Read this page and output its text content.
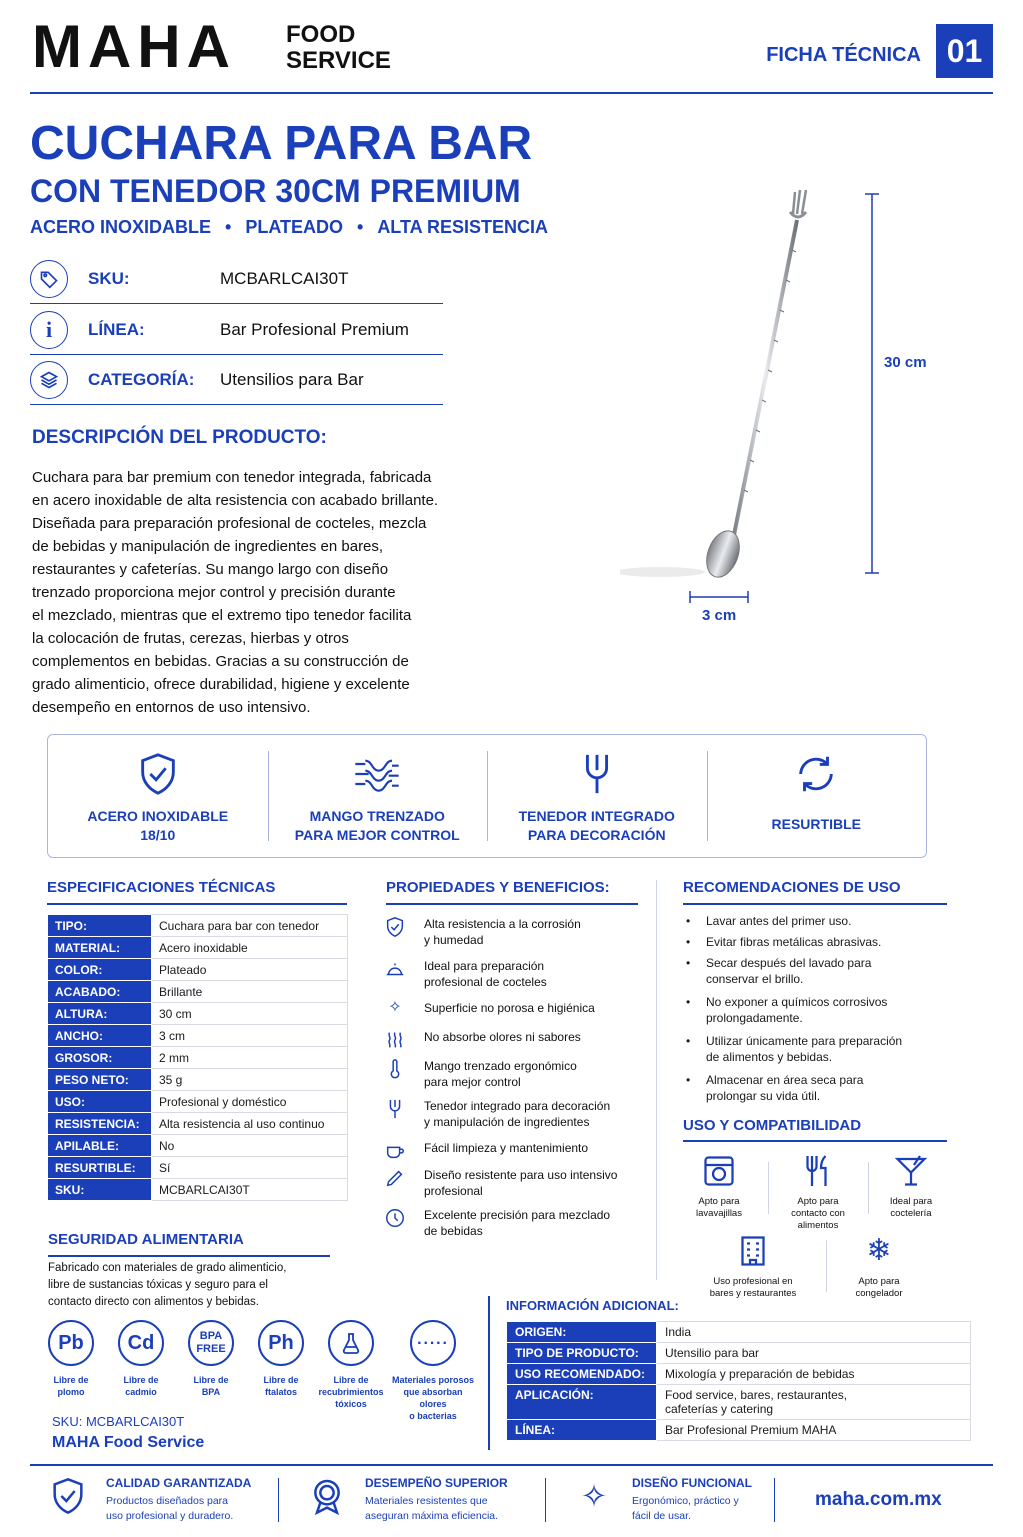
MAHA FOOD
SERVICE	FICHA TÉCNICA 01
CUCHARA PARA BAR
CON TENEDOR 30CM PREMIUM
ACERO INOXIDABLE • PLATEADO • ALTA RESISTENCIA
SKU:	MCBARLCAI30T
i	LÍNEA:	Bar Profesional Premium
CATEGORÍA:	Utensilios para Bar
30 cm
3 cm
DESCRIPCIÓN DEL PRODUCTO:
Cuchara para bar premium con tenedor integrada, fabricada
en acero inoxidable de alta resistencia con acabado brillante.
Diseñada para preparación profesional de cocteles, mezcla
de bebidas y manipulación de ingredientes en bares,
restaurantes y cafeterías. Su mango largo con diseño
trenzado proporciona mejor control y precisión durante
el mezclado, mientras que el extremo tipo tenedor facilita
la colocación de frutas, cerezas, hierbas y otros
complementos en bebidas. Gracias a su construcción de
grado alimenticio, ofrece durabilidad, higiene y excelente
desempeño en entornos de uso intensivo.
ACERO INOXIDABLE
18/10
MANGO TRENZADO
PARA MEJOR CONTROL
TENEDOR INTEGRADO
PARA DECORACIÓN
RESURTIBLE
ESPECIFICACIONES TÉCNICAS
TIPO:	Cuchara para bar con tenedor
MATERIAL:	Acero inoxidable
COLOR:	Plateado
ACABADO:	Brillante
ALTURA:	30 cm
ANCHO:	3 cm
GROSOR:	2 mm
PESO NETO:	35 g
USO:	Profesional y doméstico
RESISTENCIA:	Alta resistencia al uso continuo
APILABLE:	No
RESURTIBLE:	Sí
SKU:	MCBARLCAI30T
PROPIEDADES Y BENEFICIOS:
Alta resistencia a la corrosión
y humedad
Ideal para preparación
profesional de cocteles
✧	Superficie no porosa e higiénica
No absorbe olores ni sabores
Mango trenzado ergonómico
para mejor control
Tenedor integrado para decoración
y manipulación de ingredientes
Fácil limpieza y mantenimiento
Diseño resistente para uso intensivo
profesional
Excelente precisión para mezclado
de bebidas
RECOMENDACIONES DE USO
• Lavar antes del primer uso.
• Evitar fibras metálicas abrasivas.
• Secar después del lavado para
conservar el brillo.
• No exponer a químicos corrosivos
prolongadamente.
• Utilizar únicamente para preparación
de alimentos y bebidas.
• Almacenar en área seca para
prolongar su vida útil.
USO Y COMPATIBILIDAD
Apto para
lavavajillas
Apto para
contacto con
alimentos
Ideal para
coctelería
Uso profesional en
bares y restaurantes
❄
Apto para
congelador
SEGURIDAD ALIMENTARIA
Fabricado con materiales de grado alimenticio,
libre de sustancias tóxicas y seguro para el
contacto directo con alimentos y bebidas.
Pb
Libre de
plomo
Cd
Libre de
cadmio
BPA
FREE
Libre de
BPA
Ph
Libre de
ftalatos
Libre de
recubrimientos
tóxicos
·····
Materiales porosos
que absorban olores
o bacterias
SKU: MCBARLCAI30T
MAHA Food Service
INFORMACIÓN ADICIONAL:
ORIGEN:	India
TIPO DE PRODUCTO:	Utensilio para bar
USO RECOMENDADO:	Mixología y preparación de bebidas
APLICACIÓN:	Food service, bares, restaurantes,
cafeterías y catering
LÍNEA:	Bar Profesional Premium MAHA
CALIDAD GARANTIZADA
Productos diseñados para
uso profesional y duradero.
DESEMPEÑO SUPERIOR
Materiales resistentes que
aseguran máxima eficiencia.
✧	DISEÑO FUNCIONAL
Ergonómico, práctico y
fácil de usar.
maha.com.mx
